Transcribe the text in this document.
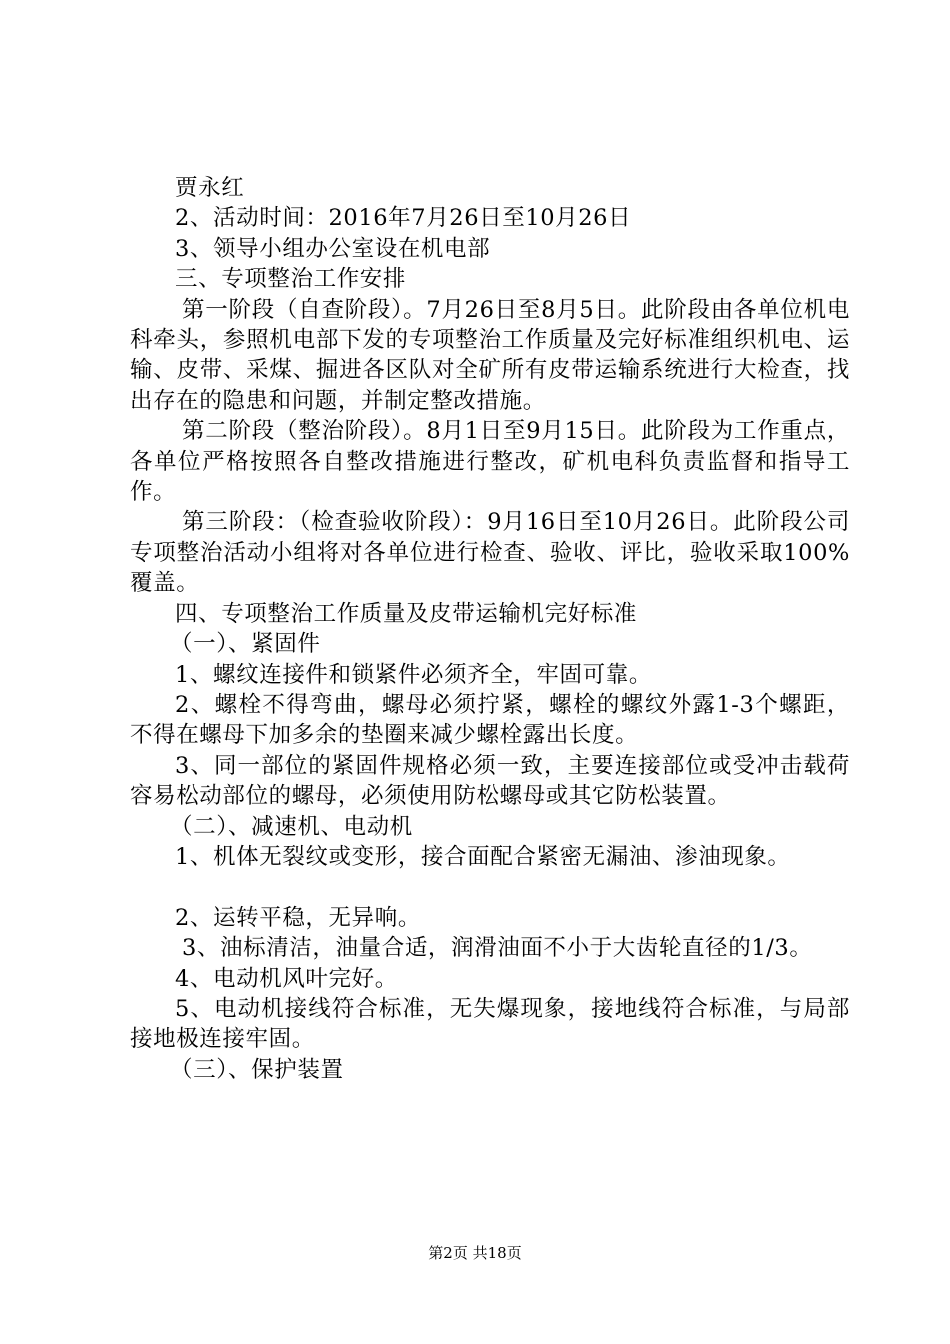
贾永红

2、活动时间：2016年7月26日至10月26日

3、领导小组办公室设在机电部

三、专项整治工作安排

第一阶段（自查阶段）。7月26日至8月5日。此阶段由各单位机电科牵头，参照机电部下发的专项整治工作质量及完好标准组织机电、运输、皮带、采煤、掘进各区队对全矿所有皮带运输系统进行大检查，找出存在的隐患和问题，并制定整改措施。

第二阶段（整治阶段）。8月1日至9月15日。此阶段为工作重点，各单位严格按照各自整改措施进行整改，矿机电科负责监督和指导工作。

第三阶段：（检查验收阶段）：9月16日至10月26日。此阶段公司专项整治活动小组将对各单位进行检查、验收、评比，验收采取100%覆盖。

四、专项整治工作质量及皮带运输机完好标准

（一）、紧固件

1、螺纹连接件和锁紧件必须齐全，牢固可靠。

2、螺栓不得弯曲，螺母必须拧紧，螺栓的螺纹外露1-3个螺距，不得在螺母下加多余的垫圈来减少螺栓露出长度。

3、同一部位的紧固件规格必须一致，主要连接部位或受冲击载荷容易松动部位的螺母，必须使用防松螺母或其它防松装置。

（二）、减速机、电动机

1、机体无裂纹或变形，接合面配合紧密无漏油、渗油现象。

2、运转平稳，无异响。

3、油标清洁，油量合适，润滑油面不小于大齿轮直径的1/3。

4、电动机风叶完好。

5、电动机接线符合标准，无失爆现象，接地线符合标准，与局部接地极连接牢固。

（三）、保护装置

第2页 共18页
